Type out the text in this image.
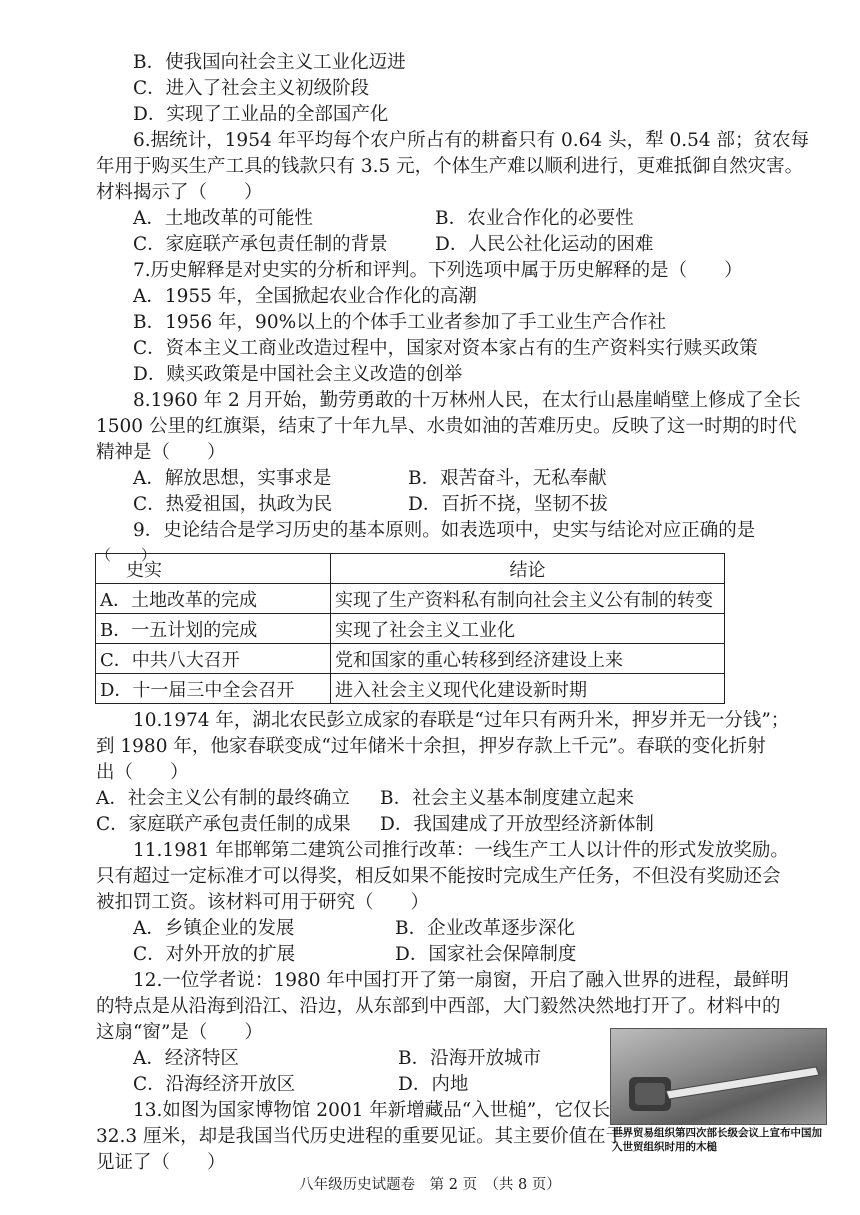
B．使我国向社会主义工业化迈进
C．进入了社会主义初级阶段
D．实现了工业品的全部国产化
6.据统计，1954 年平均每个农户所占有的耕畜只有 0.64 头，犁 0.54 部；贫农每
年用于购买生产工具的钱款只有 3.5 元，个体生产难以顺利进行，更难抵御自然灾害。
材料揭示了（　　）
A．土地改革的可能性	B．农业合作化的必要性
C．家庭联产承包责任制的背景	D．人民公社化运动的困难
7.历史解释是对史实的分析和评判。下列选项中属于历史解释的是（　　）
A．1955 年，全国掀起农业合作化的高潮
B．1956 年，90%以上的个体手工业者参加了手工业生产合作社
C．资本主义工商业改造过程中，国家对资本家占有的生产资料实行赎买政策
D．赎买政策是中国社会主义改造的创举
8.1960 年 2 月开始，勤劳勇敢的十万林州人民，在太行山悬崖峭壁上修成了全长
1500 公里的红旗渠，结束了十年九旱、水贵如油的苦难历史。反映了这一时期的时代
精神是（　　）
A．解放思想，实事求是	B．艰苦奋斗，无私奉献
C．热爱祖国，执政为民	D．百折不挠，坚韧不拔
9．史论结合是学习历史的基本原则。如表选项中，史实与结论对应正确的是
（　　）
史实	结论
A．土地改革的完成	实现了生产资料私有制向社会主义公有制的转变
B．一五计划的完成	实现了社会主义工业化
C．中共八大召开	党和国家的重心转移到经济建设上来
D．十一届三中全会召开	进入社会主义现代化建设新时期
10.1974 年，湖北农民彭立成家的春联是“过年只有两升米，押岁并无一分钱”；
到 1980 年，他家春联变成“过年储米十余担，押岁存款上千元”。春联的变化折射
出（　　）
A．社会主义公有制的最终确立 B．社会主义基本制度建立起来
C．家庭联产承包责任制的成果 D．我国建成了开放型经济新体制
11.1981 年邯郸第二建筑公司推行改革：一线生产工人以计件的形式发放奖励。
只有超过一定标准才可以得奖，相反如果不能按时完成生产任务，不但没有奖励还会
被扣罚工资。该材料可用于研究（　　）
A．乡镇企业的发展	B．企业改革逐步深化
C．对外开放的扩展	D．国家社会保障制度
12.一位学者说：1980 年中国打开了第一扇窗，开启了融入世界的进程，最鲜明
的特点是从沿海到沿江、沿边，从东部到中西部，大门毅然决然地打开了。材料中的
这扇“窗”是（　　）
A．经济特区	B．沿海开放城市
C．沿海经济开放区	D．内地
13.如图为国家博物馆 2001 年新增藏品“入世槌”，它仅长
32.3 厘米，却是我国当代历史进程的重要见证。其主要价值在于
见证了（　　）
世界贸易组织第四次部长级会议上宣布中国加入世贸组织时用的木槌
八年级历史试题卷　第 2 页　（共 8 页）
